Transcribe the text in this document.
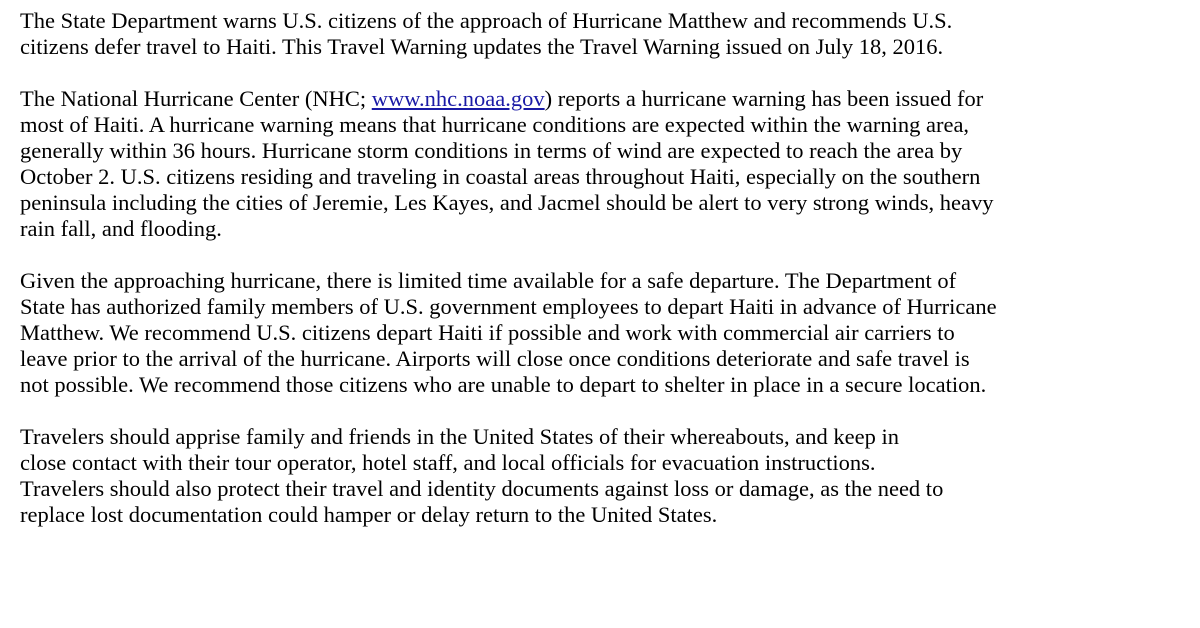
The State Department warns U.S. citizens of the approach of Hurricane Matthew and recommends U.S.
citizens defer travel to Haiti. This Travel Warning updates the Travel Warning issued on July 18, 2016.

The National Hurricane Center (NHC; www.nhc.noaa.gov) reports a hurricane warning has been issued for
most of Haiti. A hurricane warning means that hurricane conditions are expected within the warning area,
generally within 36 hours. Hurricane storm conditions in terms of wind are expected to reach the area by
October 2. U.S. citizens residing and traveling in coastal areas throughout Haiti, especially on the southern
peninsula including the cities of Jeremie, Les Kayes, and Jacmel should be alert to very strong winds, heavy
rain fall, and flooding.

Given the approaching hurricane, there is limited time available for a safe departure. The Department of
State has authorized family members of U.S. government employees to depart Haiti in advance of Hurricane
Matthew. We recommend U.S. citizens depart Haiti if possible and work with commercial air carriers to
leave prior to the arrival of the hurricane. Airports will close once conditions deteriorate and safe travel is
not possible. We recommend those citizens who are unable to depart to shelter in place in a secure location.

Travelers should apprise family and friends in the United States of their whereabouts, and keep in
close contact with their tour operator, hotel staff, and local officials for evacuation instructions.
Travelers should also protect their travel and identity documents against loss or damage, as the need to
replace lost documentation could hamper or delay return to the United States.
